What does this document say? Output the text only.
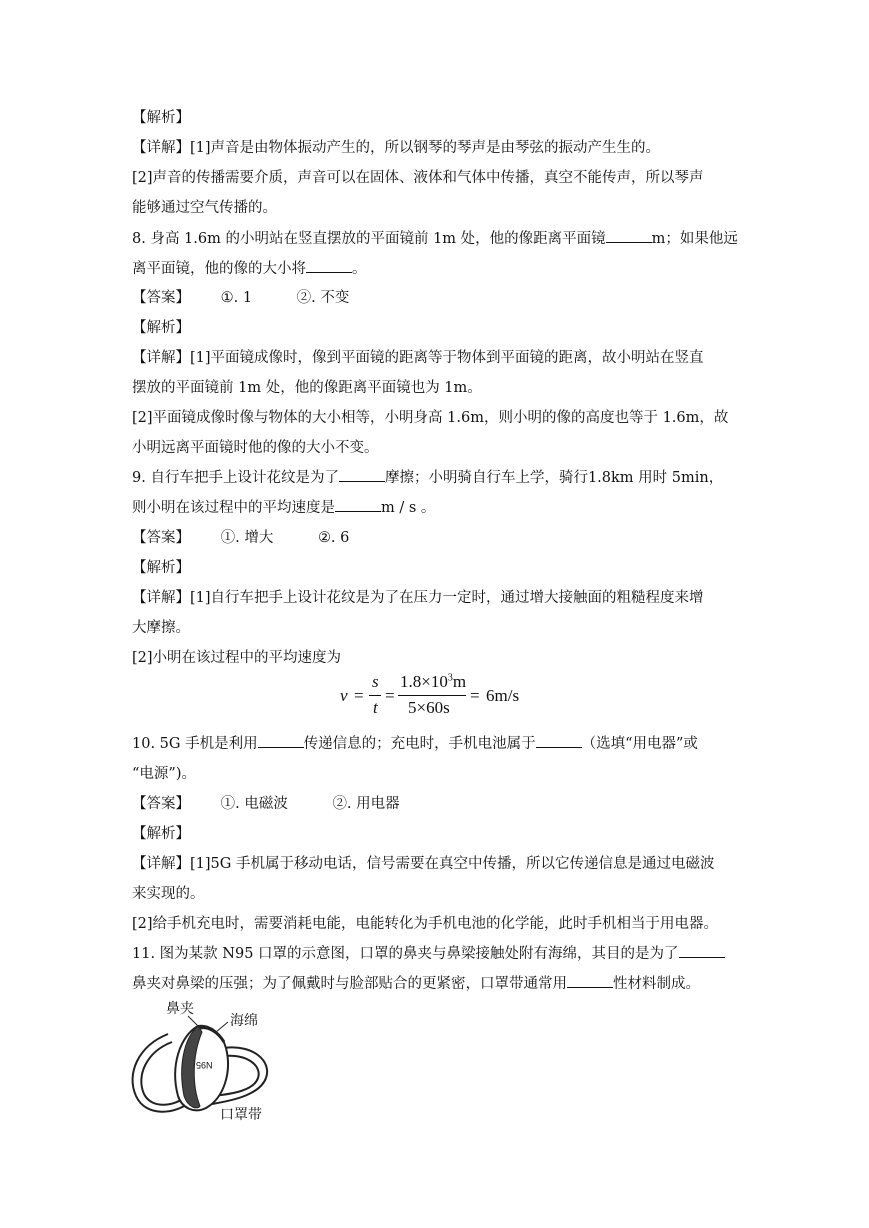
【解析】
【详解】[1]声音是由物体振动产生的，所以钢琴的琴声是由琴弦的振动产生生的。
[2]声音的传播需要介质，声音可以在固体、液体和气体中传播，真空不能传声，所以琴声
能够通过空气传播的。
8. 身高 1.6m 的小明站在竖直摆放的平面镜前 1m 处，他的像距离平面镜	m；如果他远
离平面镜，他的像的大小将	。
【答案】 ①. 1	②. 不变
【解析】
【详解】[1]平面镜成像时，像到平面镜的距离等于物体到平面镜的距离，故小明站在竖直
摆放的平面镜前 1m 处，他的像距离平面镜也为 1m。
[2]平面镜成像时像与物体的大小相等，小明身高 1.6m，则小明的像的高度也等于 1.6m，故
小明远离平面镜时他的像的大小不变。
9. 自行车把手上设计花纹是为了	摩擦；小明骑自行车上学，骑行1.8km 用时 5min，
则小明在该过程中的平均速度是	m / s 。
【答案】 ①. 增大	②. 6
【解析】
【详解】[1]自行车把手上设计花纹是为了在压力一定时，通过增大接触面的粗糙程度来增
大摩擦。
[2]小明在该过程中的平均速度为
v =
s
t
=
$1.8\times 10^3m$
5×60s
= 6m/s
10. 5G 手机是利用	传递信息的；充电时，手机电池属于	（选填“用电器”或
“电源”)。
【答案】 ①. 电磁波	②. 用电器
【解析】
【详解】[1]5G 手机属于移动电话，信号需要在真空中传播，所以它传递信息是通过电磁波
来实现的。
[2]给手机充电时，需要消耗电能，电能转化为手机电池的化学能，此时手机相当于用电器。
11. 图为某款 N95 口罩的示意图，口罩的鼻夹与鼻梁接触处附有海绵，其目的是为了
鼻夹对鼻梁的压强；为了佩戴时与脸部贴合的更紧密，口罩带通常用	性材料制成。
鼻夹
海绵
口罩带
N95
